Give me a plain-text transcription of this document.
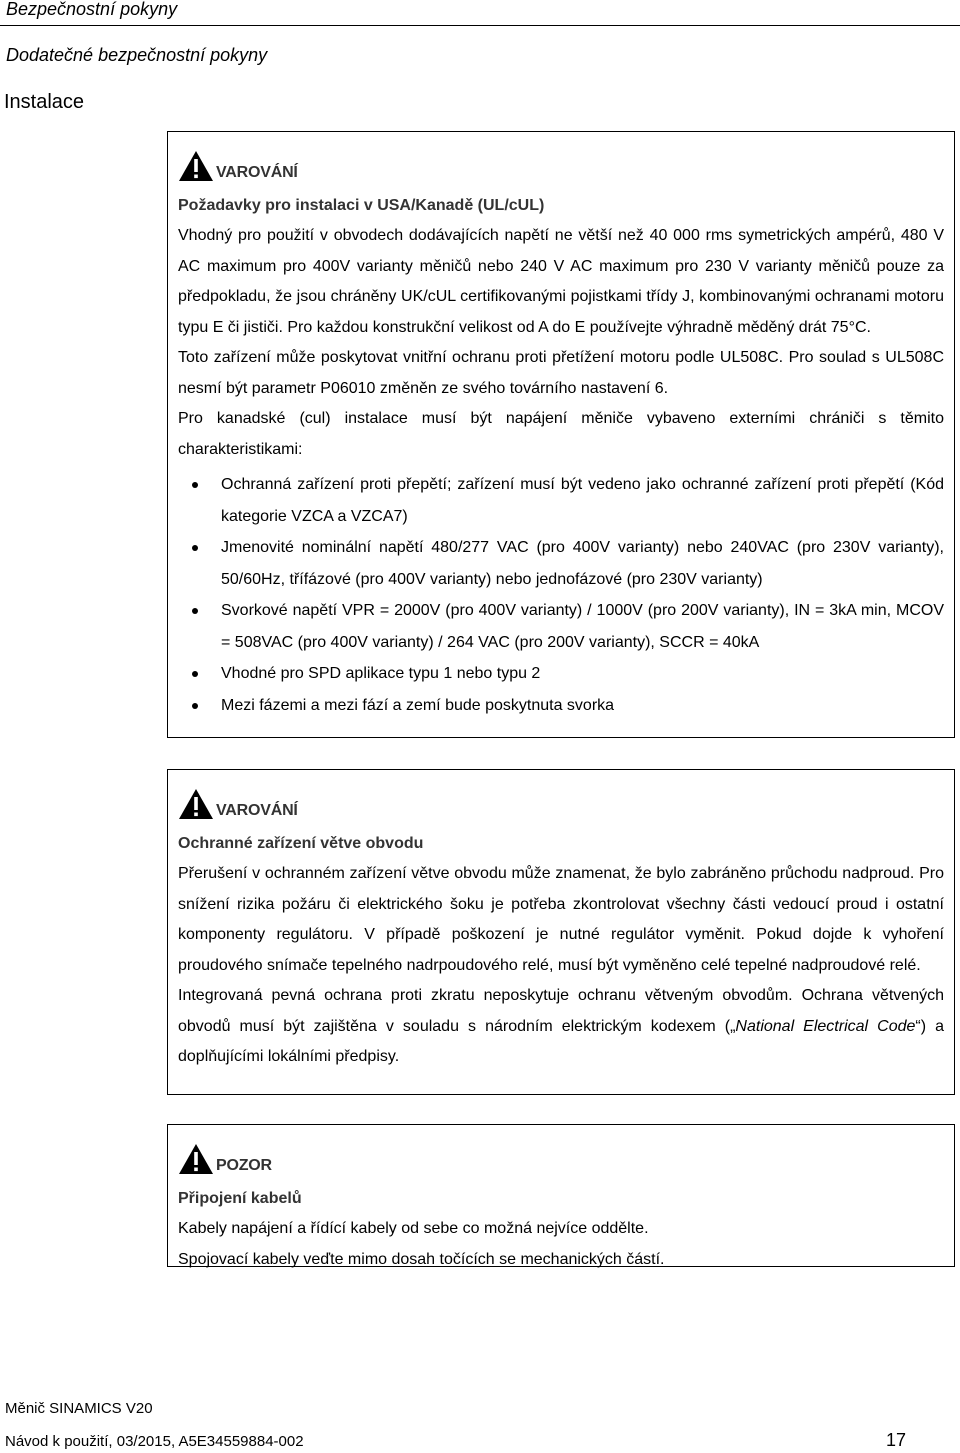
Bezpečnostní pokyny
Dodatečné bezpečnostní pokyny
Instalace
VAROVÁNÍ
Požadavky pro instalaci v USA/Kanadě (UL/cUL)
Vhodný pro použití v obvodech dodávajících napětí ne větší než 40 000 rms symetrických ampérů, 480 V AC maximum pro 400V varianty měničů nebo 240 V AC maximum pro 230 V varianty měničů pouze za předpokladu, že jsou chráněny UK/cUL certifikovanými pojistkami třídy J, kombinovanými ochranami motoru typu E či jističi. Pro každou konstrukční velikost od A do E používejte výhradně měděný drát 75°C.
Toto zařízení může poskytovat vnitřní ochranu proti přetížení motoru podle UL508C. Pro soulad s UL508C nesmí být parametr P06010 změněn ze svého továrního nastavení 6.
Pro kanadské (cul) instalace musí být napájení měniče vybaveno externími chrániči s těmito charakteristikami:
Ochranná zařízení proti přepětí; zařízení musí být vedeno jako ochranné zařízení proti přepětí (Kód kategorie VZCA a VZCA7)
Jmenovité nominální napětí 480/277 VAC (pro 400V varianty) nebo 240VAC (pro 230V varianty), 50/60Hz, třífázové (pro 400V varianty) nebo jednofázové (pro 230V varianty)
Svorkové napětí VPR = 2000V (pro 400V varianty) / 1000V (pro 200V varianty), IN = 3kA min, MCOV = 508VAC (pro 400V varianty) / 264 VAC (pro 200V varianty), SCCR = 40kA
Vhodné pro SPD aplikace typu 1 nebo typu 2
Mezi fázemi a mezi fází a zemí bude poskytnuta svorka
VAROVÁNÍ
Ochranné zařízení větve obvodu
Přerušení v ochranném zařízení větve obvodu může znamenat, že bylo zabráněno průchodu nadproud. Pro snížení rizika požáru či elektrického šoku je potřeba zkontrolovat všechny části vedoucí proud i ostatní komponenty regulátoru. V případě poškození je nutné regulátor vyměnit. Pokud dojde k vyhoření proudového snímače tepelného nadrpoudového relé, musí být vyměněno celé tepelné nadproudové relé.
Integrovaná pevná ochrana proti zkratu neposkytuje ochranu větveným obvodům. Ochrana větvených obvodů musí být zajištěna v souladu s národním elektrickým kodexem („National Electrical Code“) a doplňujícími lokálními předpisy.
POZOR
Připojení kabelů
Kabely napájení a řídící kabely od sebe co možná nejvíce oddělte.
Spojovací kabely veďte mimo dosah točících se mechanických částí.
Měnič SINAMICS V20
Návod k použití, 03/2015, A5E34559884-002	17
